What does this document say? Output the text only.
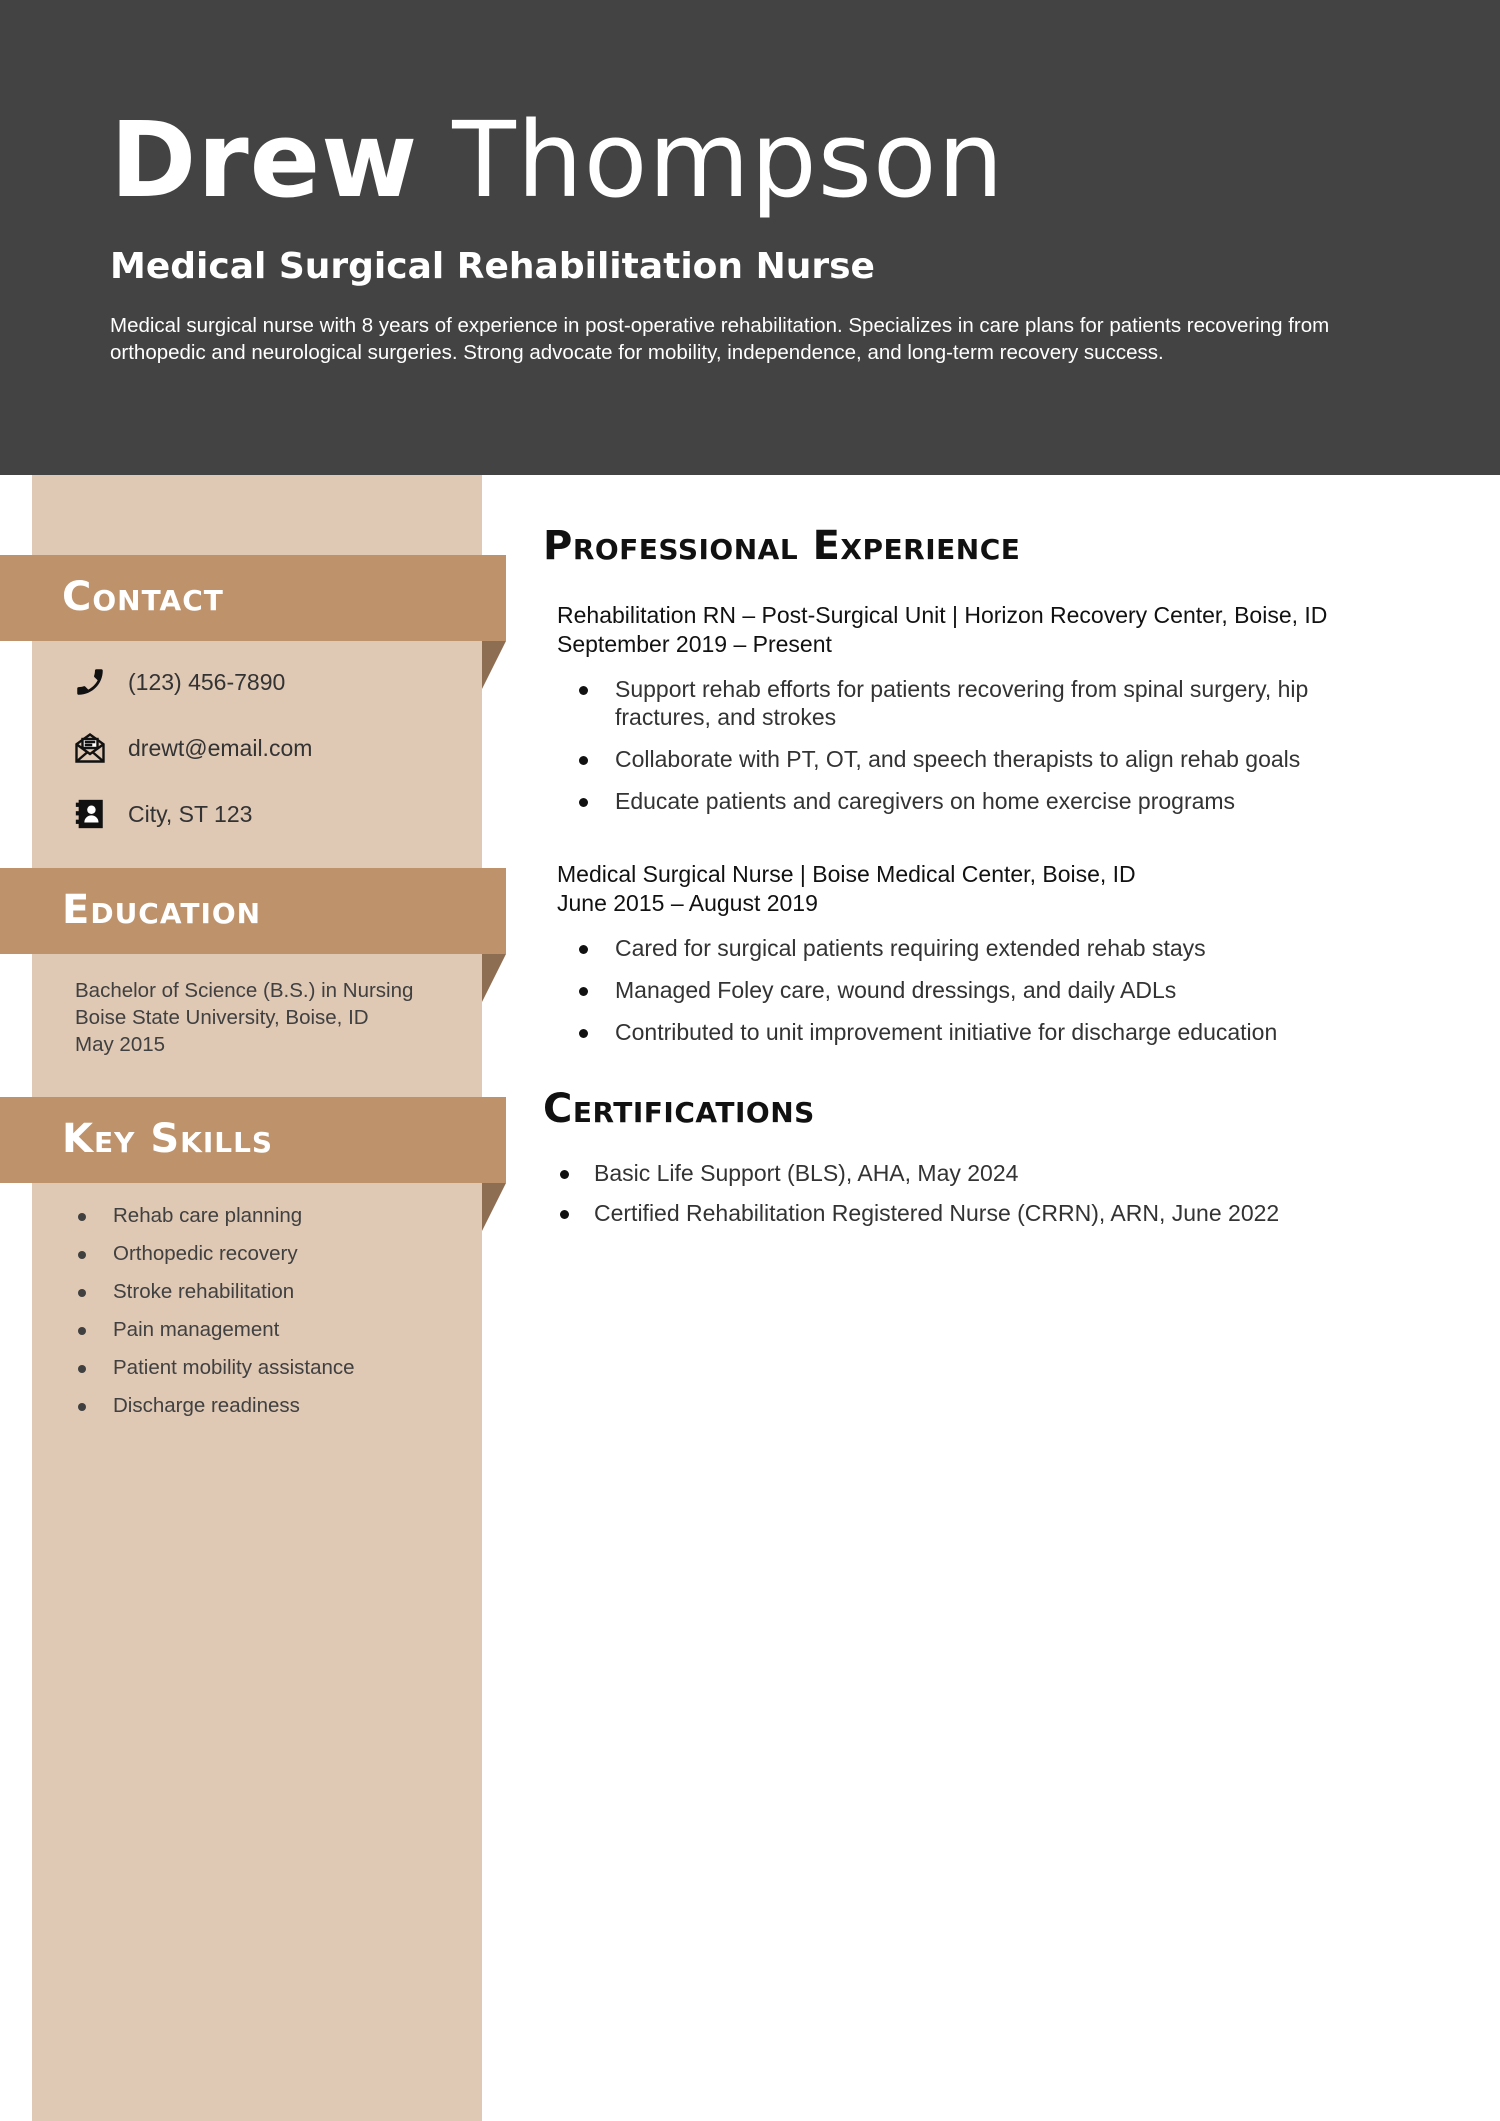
Drew Thompson
Medical Surgical Rehabilitation Nurse
Medical surgical nurse with 8 years of experience in post-operative rehabilitation. Specializes in care plans for patients recovering from orthopedic and neurological surgeries. Strong advocate for mobility, independence, and long-term recovery success.
Contact
(123) 456-7890
drewt@email.com
City, ST 123
Education
Bachelor of Science (B.S.) in Nursing
Boise State University, Boise, ID
May 2015
Key Skills
Rehab care planning
Orthopedic recovery
Stroke rehabilitation
Pain management
Patient mobility assistance
Discharge readiness
Professional Experience
Rehabilitation RN – Post-Surgical Unit | Horizon Recovery Center, Boise, ID
September 2019 – Present
Support rehab efforts for patients recovering from spinal surgery, hip fractures, and strokes
Collaborate with PT, OT, and speech therapists to align rehab goals
Educate patients and caregivers on home exercise programs
Medical Surgical Nurse | Boise Medical Center, Boise, ID
June 2015 – August 2019
Cared for surgical patients requiring extended rehab stays
Managed Foley care, wound dressings, and daily ADLs
Contributed to unit improvement initiative for discharge education
Certifications
Basic Life Support (BLS), AHA, May 2024
Certified Rehabilitation Registered Nurse (CRRN), ARN, June 2022
